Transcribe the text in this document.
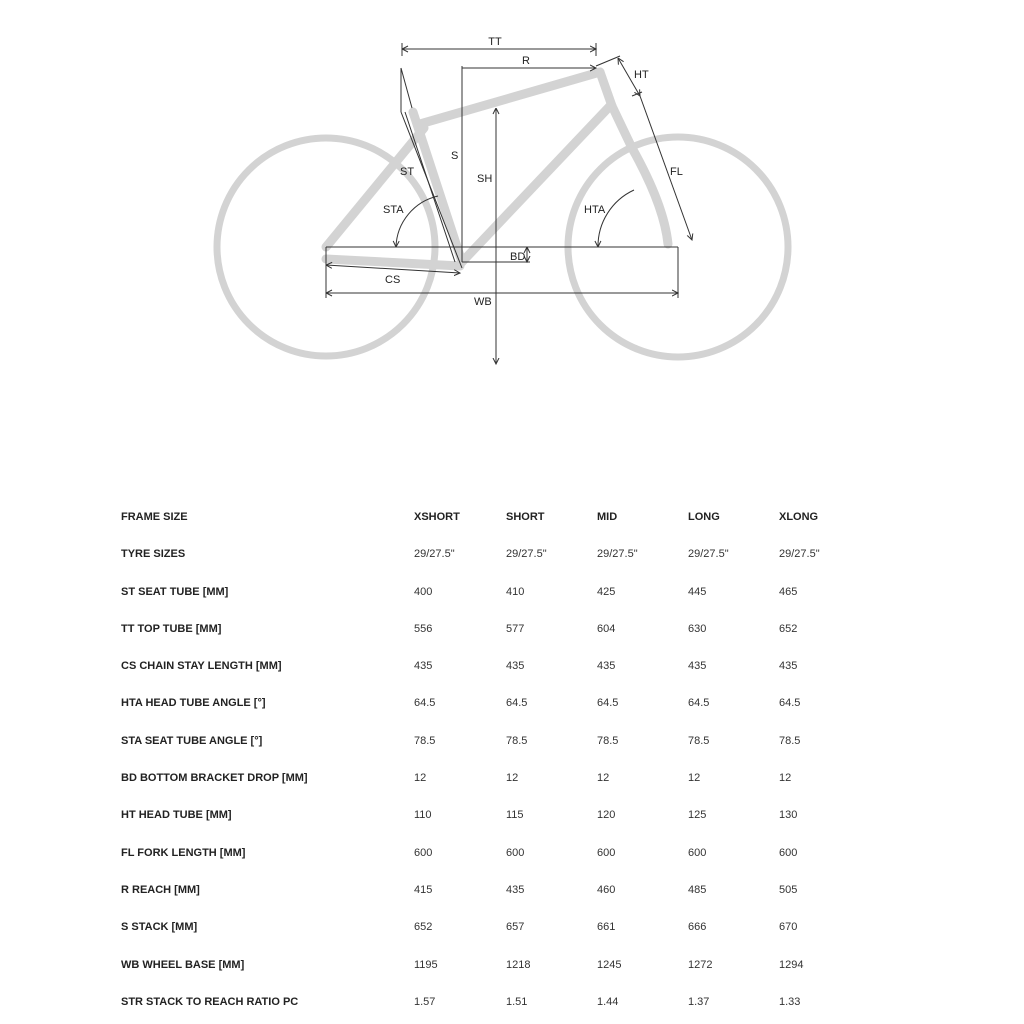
TT
R
HT
S
SH
ST
STA
FL
HTA
BD
CS
WB
FRAME SIZE	XSHORT	SHORT	MID	LONG	XLONG
TYRE SIZES	29/27.5"	29/27.5"	29/27.5"	29/27.5"	29/27.5"
ST SEAT TUBE [MM]	400	410	425	445	465
TT TOP TUBE [MM]	556	577	604	630	652
CS CHAIN STAY LENGTH [MM]	435	435	435	435	435
HTA HEAD TUBE ANGLE [°]	64.5	64.5	64.5	64.5	64.5
STA SEAT TUBE ANGLE [°]	78.5	78.5	78.5	78.5	78.5
BD BOTTOM BRACKET DROP [MM]	12	12	12	12	12
HT HEAD TUBE [MM]	110	115	120	125	130
FL FORK LENGTH [MM]	600	600	600	600	600
R REACH [MM]	415	435	460	485	505
S STACK [MM]	652	657	661	666	670
WB WHEEL BASE [MM]	1195	1218	1245	1272	1294
STR STACK TO REACH RATIO PC	1.57	1.51	1.44	1.37	1.33
